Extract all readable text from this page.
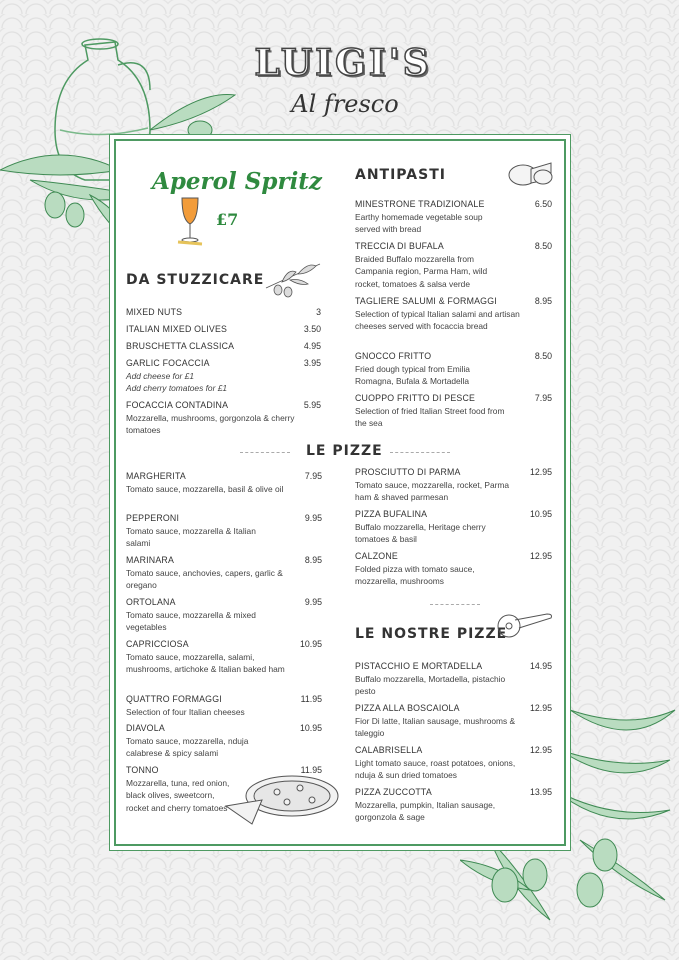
LUIGI'S
Al fresco
Aperol Spritz
£7
DA STUZZICARE
MIXED NUTS	3
ITALIAN MIXED OLIVES	3.50
BRUSCHETTA CLASSICA	4.95
GARLIC FOCACCIA	3.95
Add cheese for £1
Add cherry tomatoes for £1
FOCACCIA CONTADINA	5.95
Mozzarella, mushrooms, gorgonzola & cherry tomatoes
ANTIPASTI
MINESTRONE TRADIZIONALE	6.50
Earthy homemade vegetable soup served with bread
TRECCIA DI BUFALA	8.50
Braided Buffalo mozzarella from Campania region, Parma Ham, wild rocket, tomatoes & salsa verde
TAGLIERE SALUMI & FORMAGGI	8.95
Selection of typical Italian salami and artisan cheeses served with focaccia bread
GNOCCO FRITTO	8.50
Fried dough typical from Emilia Romagna, Bufala & Mortadella
CUOPPO FRITTO DI PESCE	7.95
Selection of fried Italian Street food from the sea
LE PIZZE
MARGHERITA	7.95
Tomato sauce, mozzarella, basil & olive oil
PEPPERONI	9.95
Tomato sauce, mozzarella & Italian salami
MARINARA	8.95
Tomato sauce, anchovies, capers, garlic & oregano
ORTOLANA	9.95
Tomato sauce, mozzarella & mixed vegetables
CAPRICCIOSA	10.95
Tomato sauce, mozzarella, salami, mushrooms, artichoke & Italian baked ham
QUATTRO FORMAGGI	11.95
Selection of four Italian cheeses
DIAVOLA	10.95
Tomato sauce, mozzarella, nduja calabrese & spicy salami
TONNO	11.95
Mozzarella, tuna, red onion, black olives, sweetcorn, rocket and cherry tomatoes
PROSCIUTTO DI PARMA	12.95
Tomato sauce, mozzarella, rocket, Parma ham & shaved parmesan
PIZZA BUFALINA	10.95
Buffalo mozzarella, Heritage cherry tomatoes & basil
CALZONE	12.95
Folded pizza with tomato sauce, mozzarella, mushrooms
LE NOSTRE PIZZE
PISTACCHIO E MORTADELLA	14.95
Buffalo mozzarella, Mortadella, pistachio pesto
PIZZA ALLA BOSCAIOLA	12.95
Fior Di latte, Italian sausage, mushrooms & taleggio
CALABRISELLA	12.95
Light tomato sauce, roast potatoes, onions, nduja & sun dried tomatoes
PIZZA ZUCCOTTA	13.95
Mozzarella, pumpkin, Italian sausage, gorgonzola & sage
